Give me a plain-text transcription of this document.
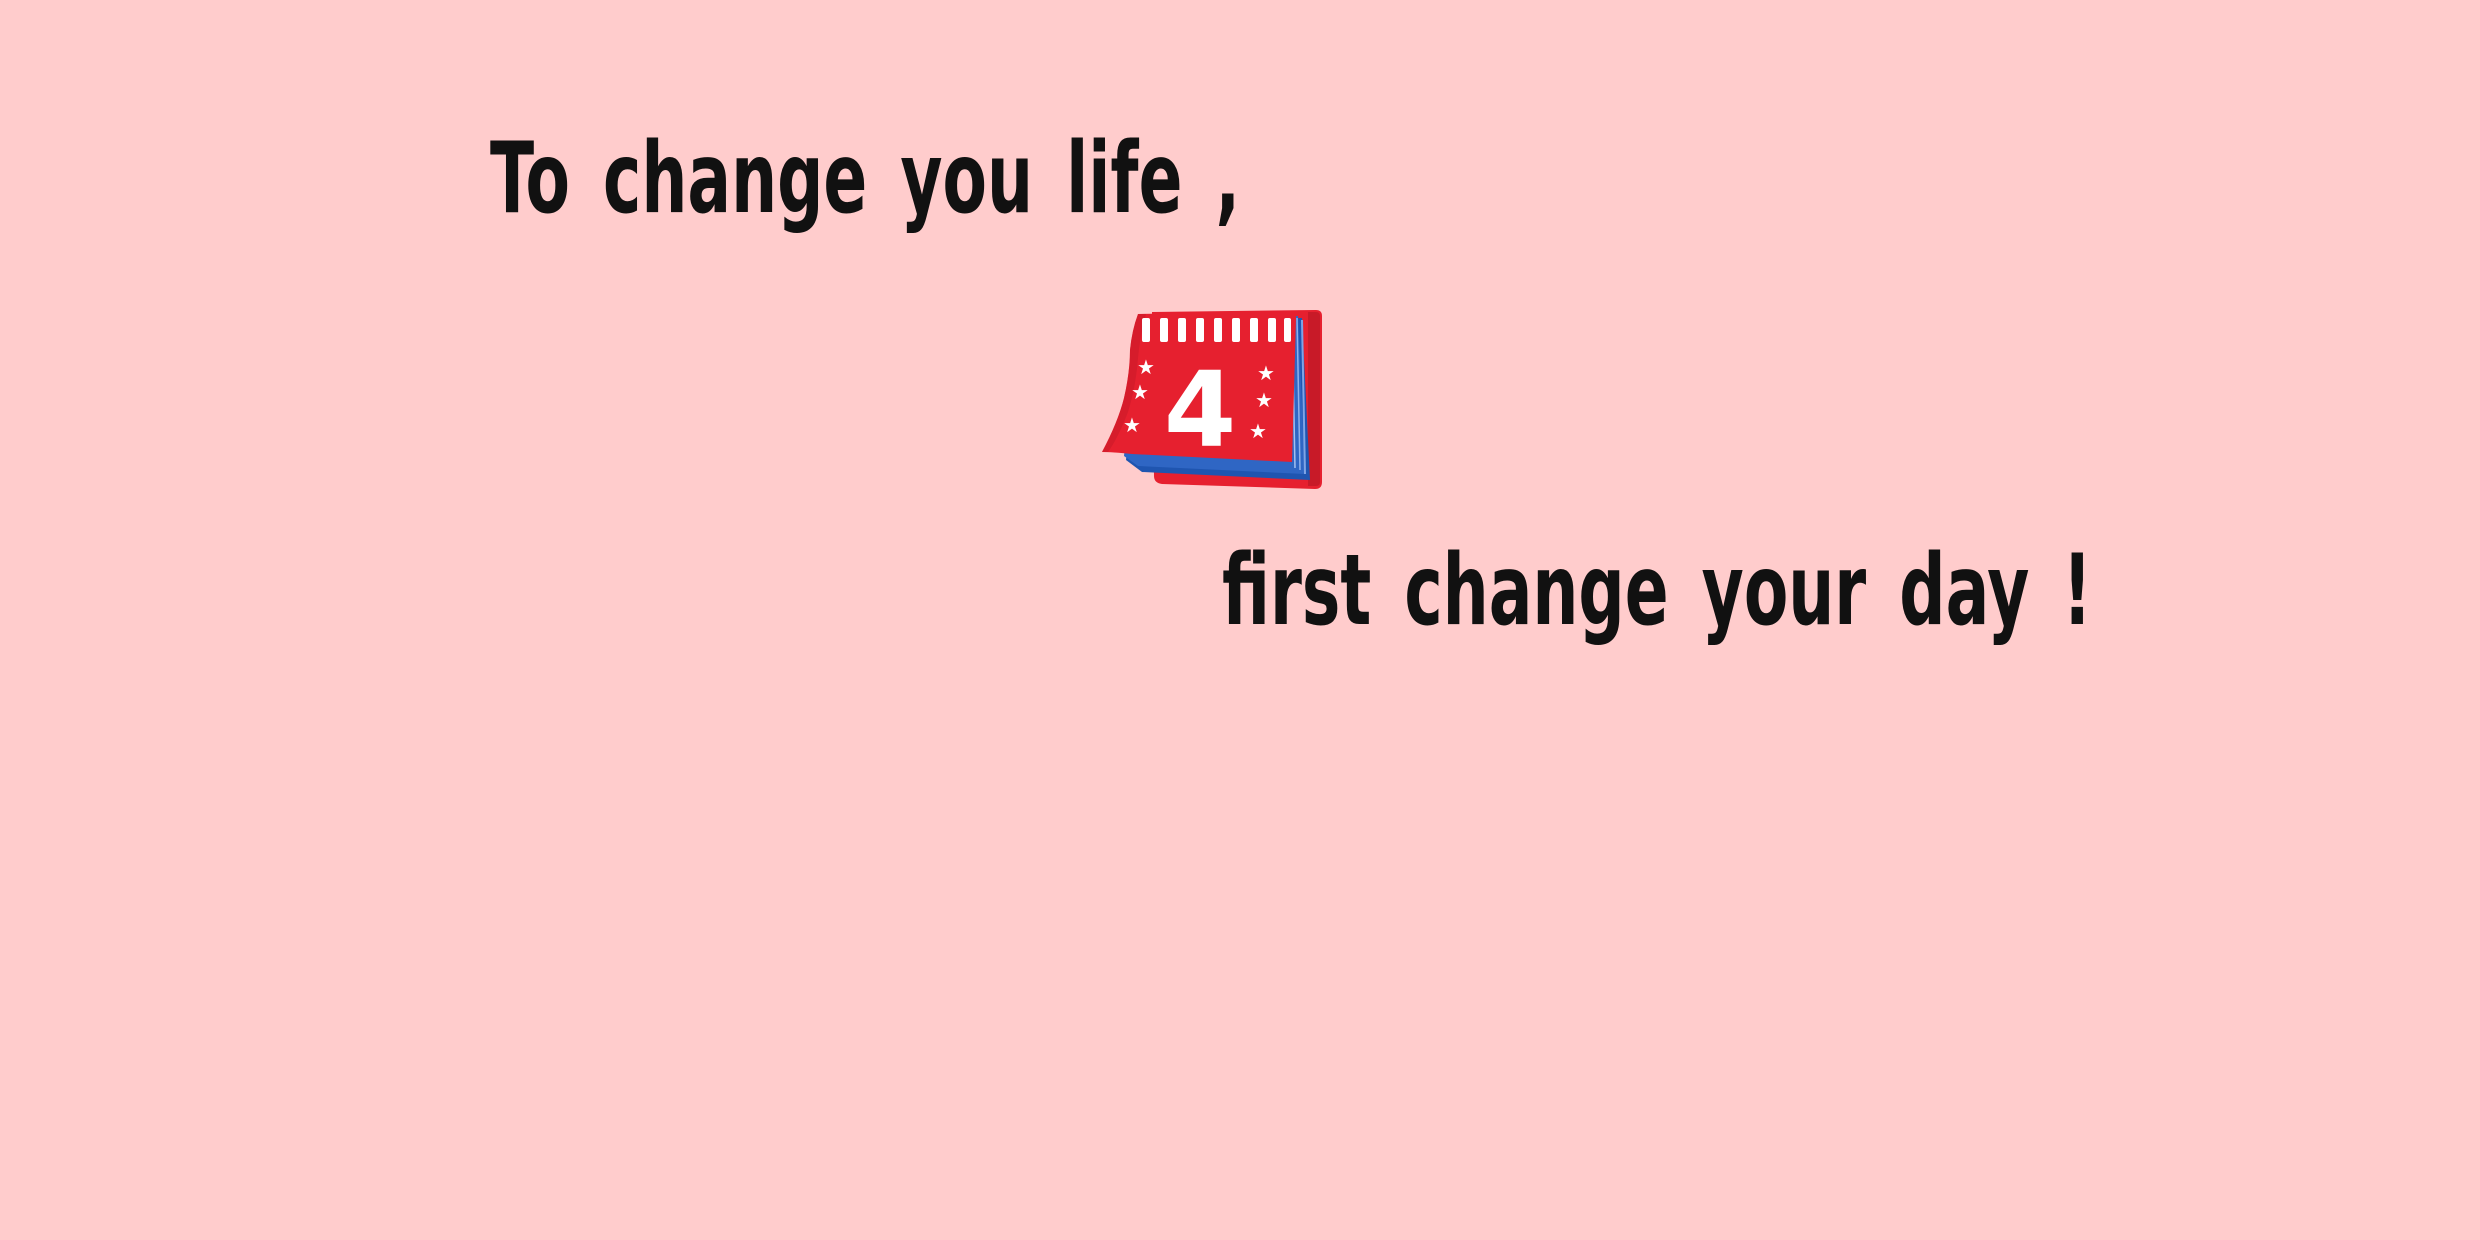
To change you life ,

★
★
★
★
★
★
4

first change your day !
